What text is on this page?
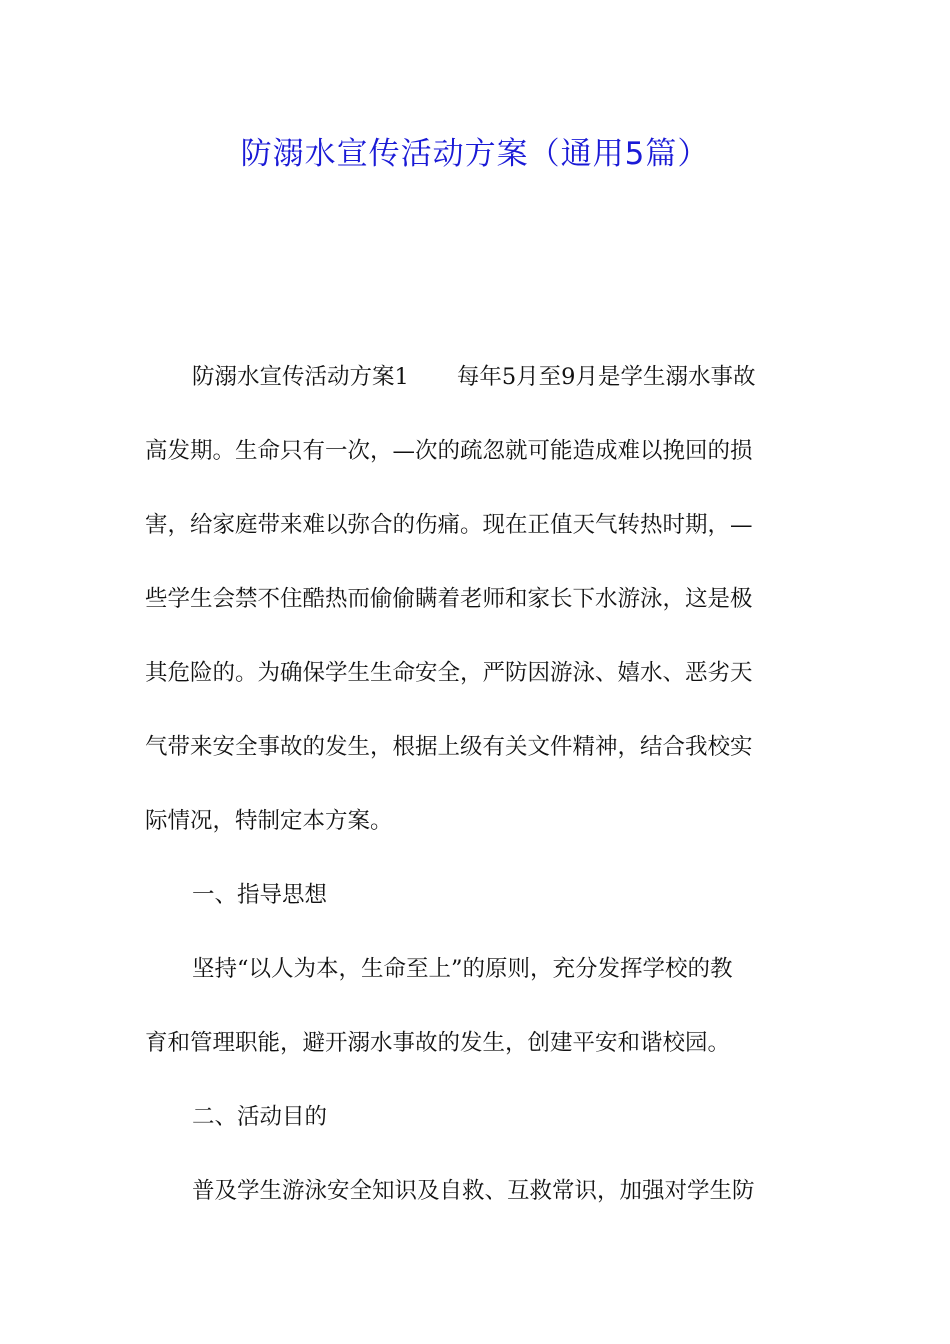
防溺水宣传活动方案（通用5篇）
防溺水宣传活动方案1 每年5月至9月是学生溺水事故
高发期。生命只有一次，—次的疏忽就可能造成难以挽回的损
害，给家庭带来难以弥合的伤痛。现在正值天气转热时期，—
些学生会禁不住酷热而偷偷瞒着老师和家长下水游泳，这是极
其危险的。为确保学生生命安全，严防因游泳、嬉水、恶劣天
气带来安全事故的发生，根据上级有关文件精神，结合我校实
际情况，特制定本方案。
一、指导思想
坚持“以人为本，生命至上”的原则，充分发挥学校的教
育和管理职能，避开溺水事故的发生，创建平安和谐校园。
二、活动目的
普及学生游泳安全知识及自救、互救常识，加强对学生防
